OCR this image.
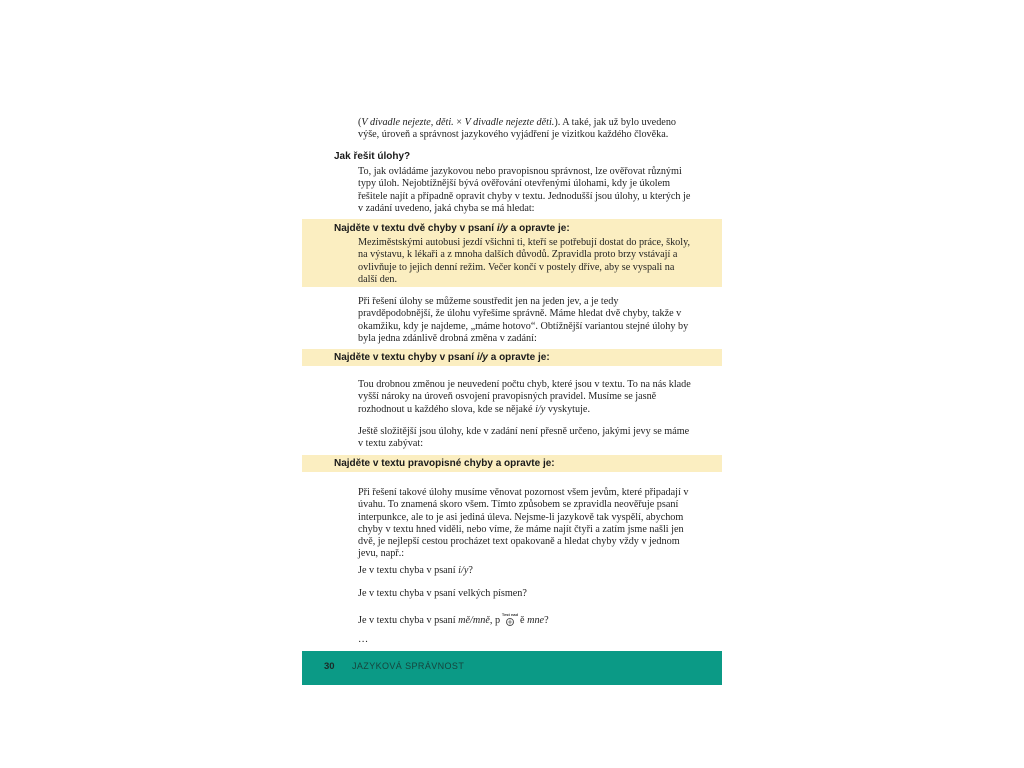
(V divadle nejezte, děti. × V divadle nejezte děti.). A také, jak už bylo uvedeno výše, úroveň a správnost jazykového vyjádření je vizitkou každého člověka.

Jak řešit úlohy?

To, jak ovládáme jazykovou nebo pravopisnou správnost, lze ověřovat různými typy úloh. Nejobtížnější bývá ověřování otevřenými úlohami, kdy je úkolem řešitele najít a případně opravit chyby v textu. Jednodušší jsou úlohy, u kterých je v zadání uvedeno, jaká chyba se má hledat:

Najděte v textu dvě chyby v psaní i/y a opravte je:

Meziměstskými autobusi jezdí všichni ti, kteří se potřebují dostat do práce, školy, na výstavu, k lékaři a z mnoha dalších důvodů. Zpravidla proto brzy vstávají a ovlivňuje to jejich denní režim. Večer končí v postely dříve, aby se vyspali na další den.

Při řešení úlohy se můžeme soustředit jen na jeden jev, a je tedy pravděpodobnější, že úlohu vyřešíme správně. Máme hledat dvě chyby, takže v okamžiku, kdy je najdeme, „máme hotovo“. Obtížnější variantou stejné úlohy by byla jedna zdánlivě drobná změna v zadání:

Najděte v textu chyby v psaní i/y a opravte je:

Tou drobnou změnou je neuvedení počtu chyb, které jsou v textu. To na nás klade vyšší nároky na úroveň osvojení pravopisných pravidel. Musíme se jasně rozhodnout u každého slova, kde se nějaké i/y vyskytuje.

Ještě složitější jsou úlohy, kde v zadání není přesně určeno, jakými jevy se máme v textu zabývat:

Najděte v textu pravopisné chyby a opravte je:

Při řešení takové úlohy musíme věnovat pozornost všem jevům, které připadají v úvahu. To znamená skoro všem. Tímto způsobem se zpravidla neověřuje psaní interpunkce, ale to je asi jediná úleva. Nejsme-li jazykově tak vyspělí, abychom chyby v textu hned viděli, nebo víme, že máme najít čtyři a zatím jsme našli jen dvě, je nejlepší cestou procházet text opakovaně a hledat chyby vždy v jednom jevu, např.:

Je v textu chyba v psaní i/y?

Je v textu chyba v psaní velkých písmen?

Je v textu chyba v psaní mě/mně, p
Test nad
ě mne?

…

30 JAZYKOVÁ SPRÁVNOST
